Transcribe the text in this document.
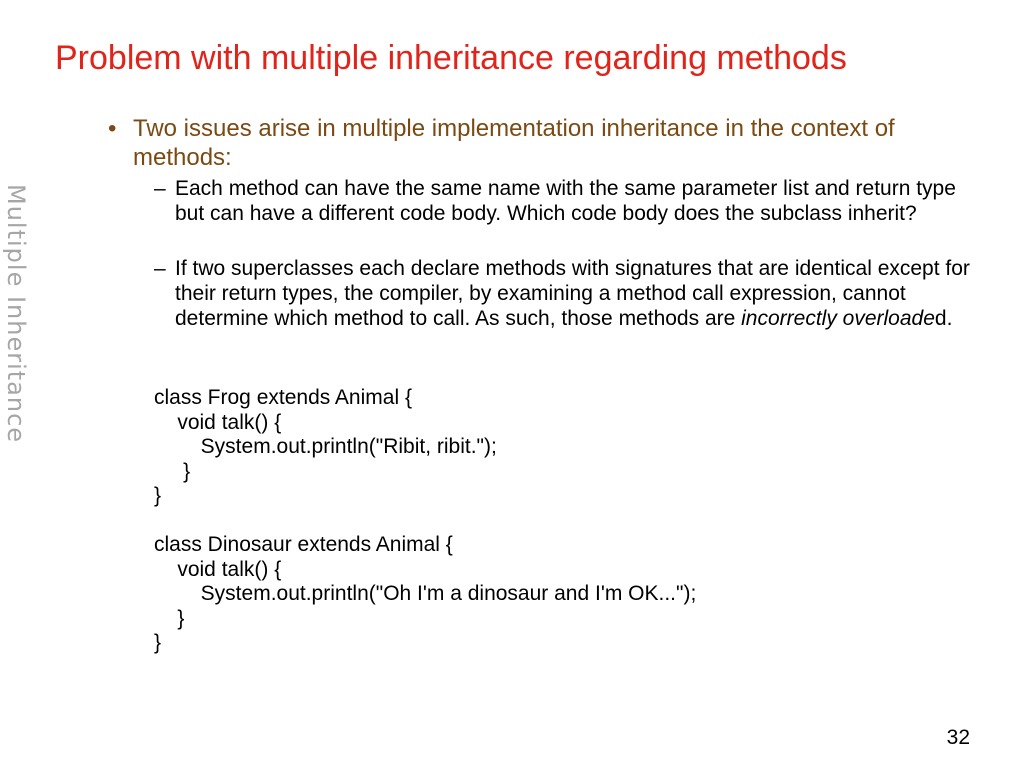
Problem with multiple inheritance regarding methods
Multiple Inheritance
• Two issues arise in multiple implementation inheritance in the context of methods:
– Each method can have the same name with the same parameter list and return type but can have a different code body. Which code body does the subclass inherit?
– If two superclasses each declare methods with signatures that are identical except for their return types, the compiler, by examining a method call expression, cannot determine which method to call. As such, those methods are incorrectly overloaded.
class Frog extends Animal {
void talk() {
System.out.println("Ribit, ribit.");
}
}
class Dinosaur extends Animal {
void talk() {
System.out.println("Oh I'm a dinosaur and I'm OK...");
}
}
32
